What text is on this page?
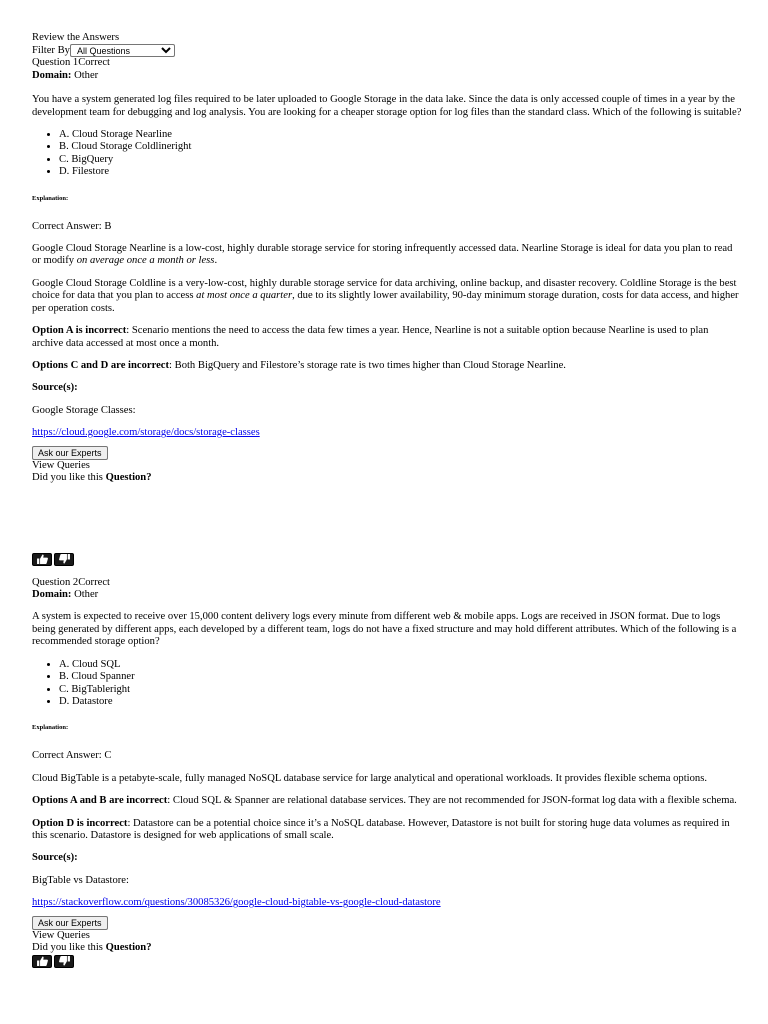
Review the Answers
Filter By
All Questions
Question 1Correct
Domain: Other

You have a system generated log files required to be later uploaded to Google Storage in the data lake. Since the data is only accessed couple of times in a year by the development team for debugging and log analysis. You are looking for a cheaper storage option for log files than the standard class. Which of the following is suitable?

• A. Cloud Storage Nearline
• B. Cloud Storage Coldlineright
• C. BigQuery
• D. Filestore
Explanation:

Correct Answer: B

Google Cloud Storage Nearline is a low-cost, highly durable storage service for storing infrequently accessed data. Nearline Storage is ideal for data you plan to read or modify on average once a month or less.

Google Cloud Storage Coldline is a very-low-cost, highly durable storage service for data archiving, online backup, and disaster recovery. Coldline Storage is the best choice for data that you plan to access at most once a quarter, due to its slightly lower availability, 90-day minimum storage duration, costs for data access, and higher per operation costs.

Option A is incorrect: Scenario mentions the need to access the data few times a year. Hence, Nearline is not a suitable option because Nearline is used to plan archive data accessed at most once a month.

Options C and D are incorrect: Both BigQuery and Filestore’s storage rate is two times higher than Cloud Storage Nearline.

Source(s):

Google Storage Classes:

https://cloud.google.com/storage/docs/storage-classes

Ask our Experts
View Queries
Did you like this Question?
Question 2Correct
Domain: Other

A system is expected to receive over 15,000 content delivery logs every minute from different web & mobile apps. Logs are received in JSON format. Due to logs being generated by different apps, each developed by a different team, logs do not have a fixed structure and may hold different attributes. Which of the following is a recommended storage option?

• A. Cloud SQL
• B. Cloud Spanner
• C. BigTableright
• D. Datastore
Explanation:

Correct Answer: C

Cloud BigTable is a petabyte-scale, fully managed NoSQL database service for large analytical and operational workloads. It provides flexible schema options.

Options A and B are incorrect: Cloud SQL & Spanner are relational database services. They are not recommended for JSON-format log data with a flexible schema.

Option D is incorrect: Datastore can be a potential choice since it’s a NoSQL database. However, Datastore is not built for storing huge data volumes as required in this scenario. Datastore is designed for web applications of small scale.

Source(s):

BigTable vs Datastore:

https://stackoverflow.com/questions/30085326/google-cloud-bigtable-vs-google-cloud-datastore

Ask our Experts
View Queries
Did you like this Question?
